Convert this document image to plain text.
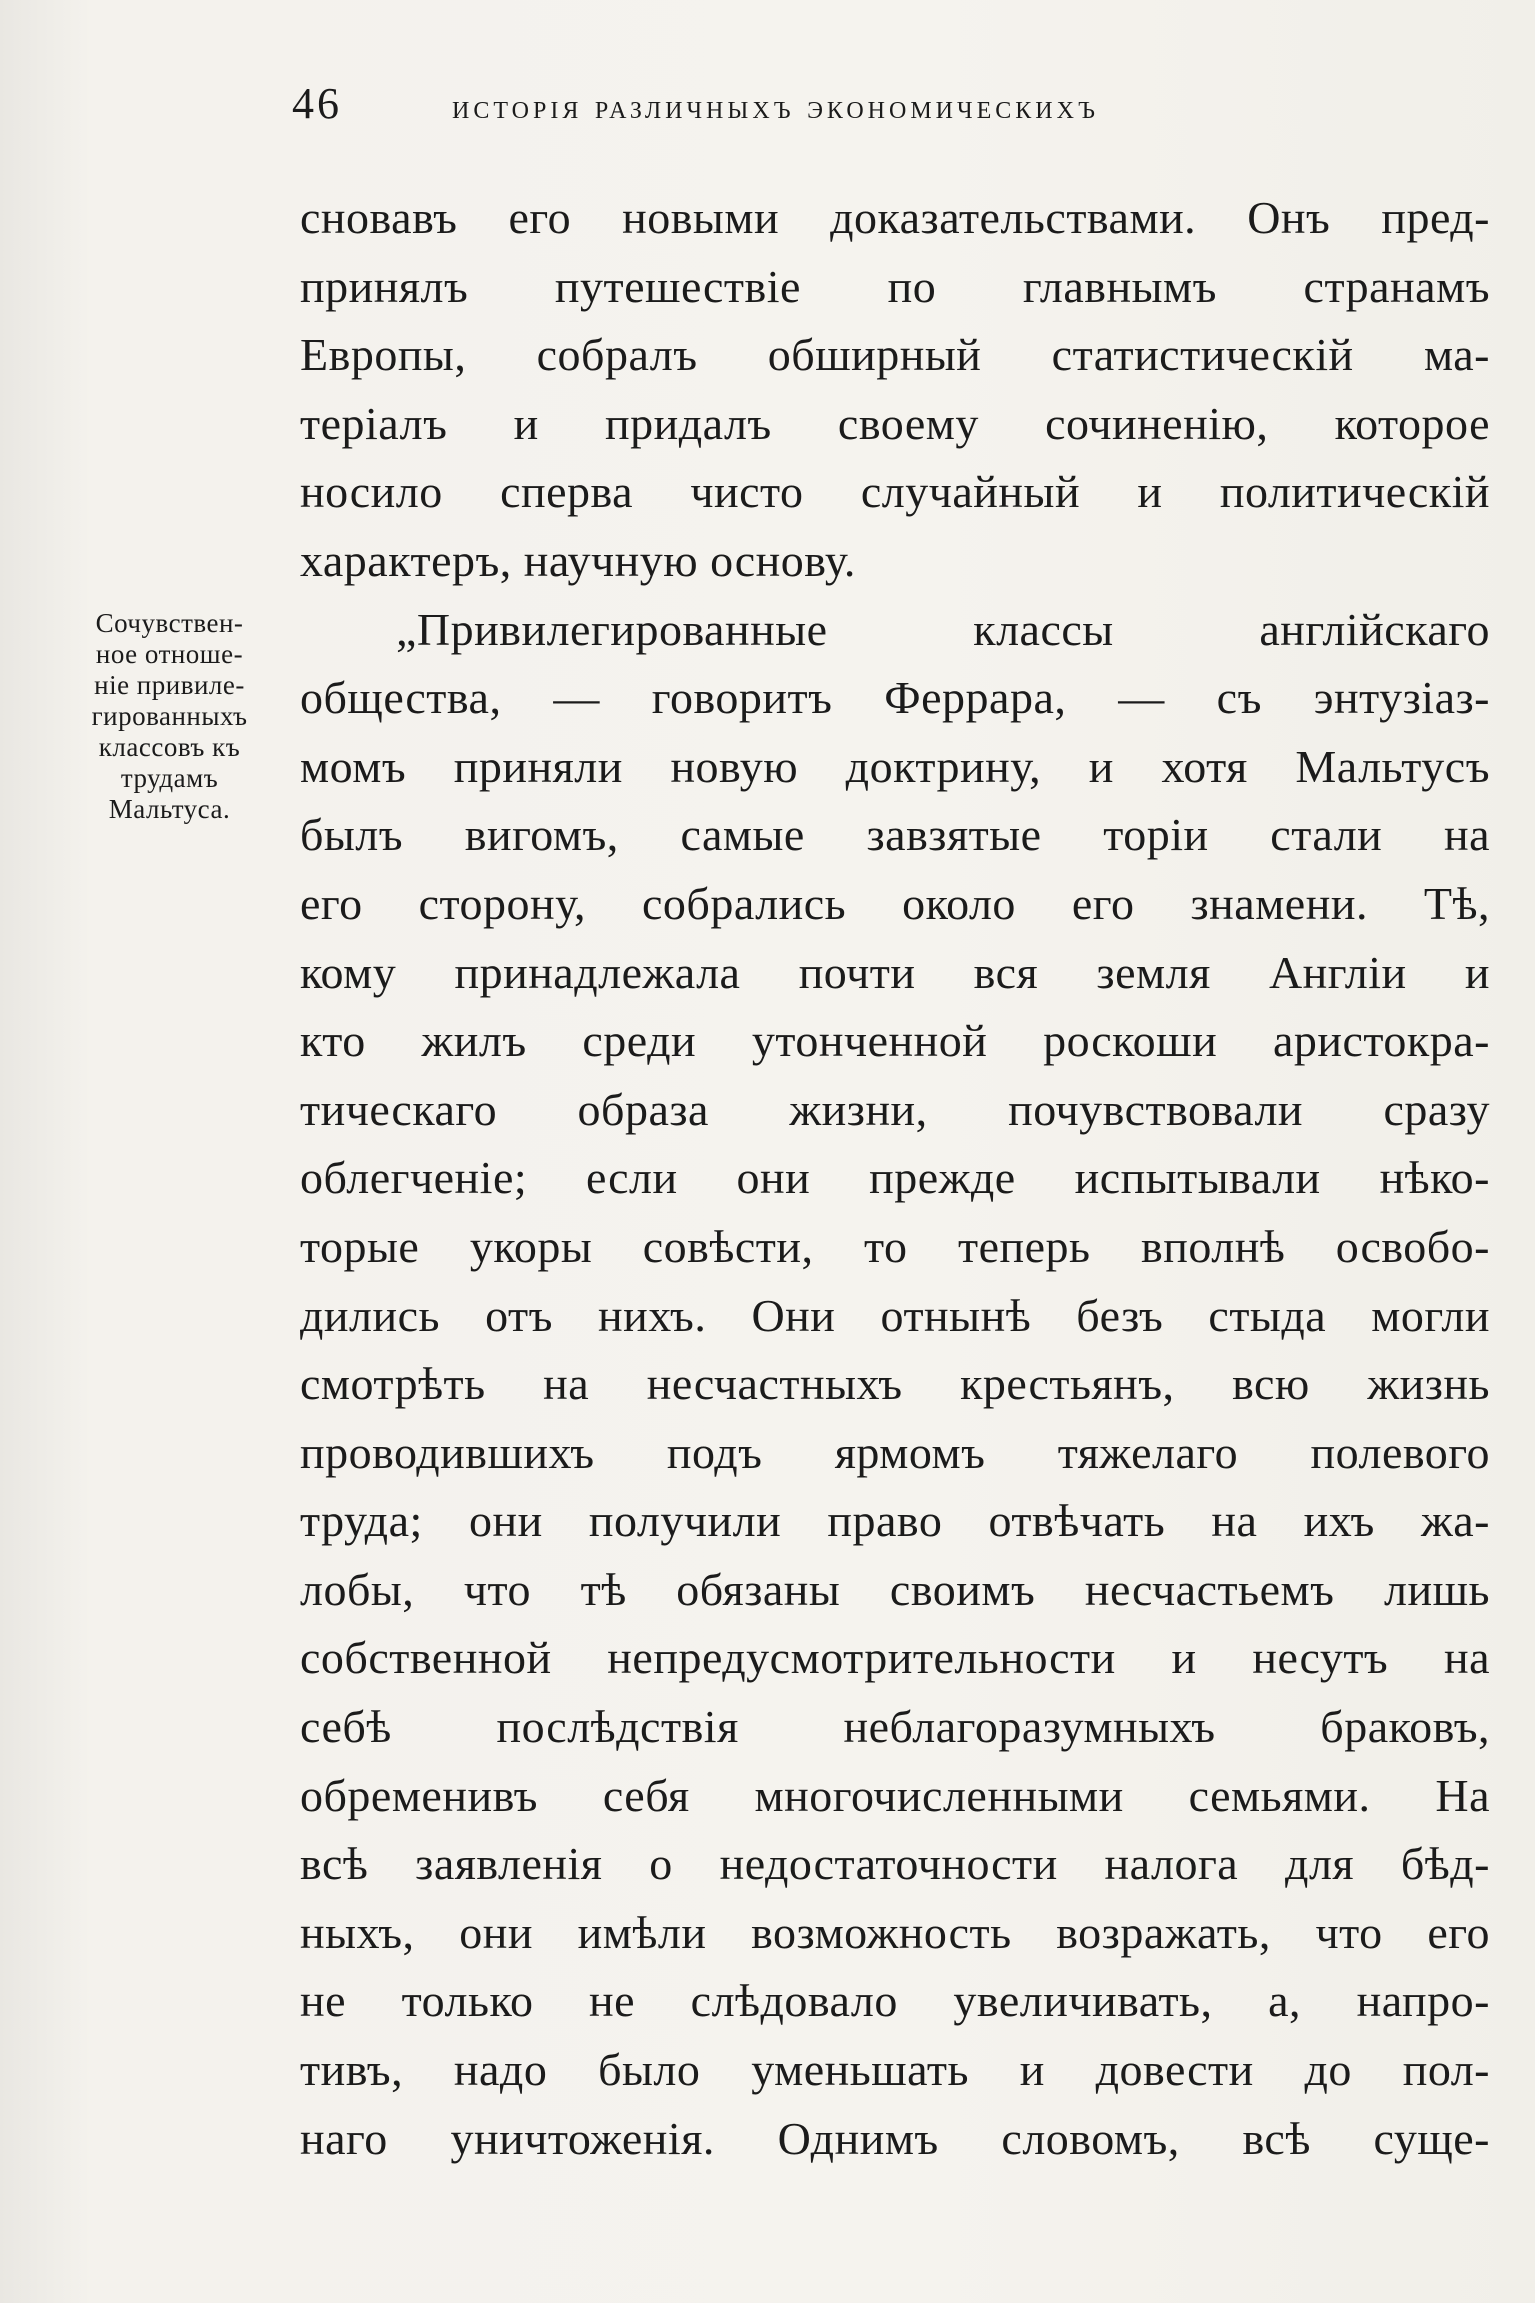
46	исторія различныхъ экономическихъ
Сочувствен-
ное отноше-
ніе привиле-
гированныхъ
классовъ къ
трудамъ
Мальтуса.
сновавъ его новыми доказательствами. Онъ пред-
принялъ путешествіе по главнымъ странамъ
Европы, собралъ обширный статистическій ма-
теріалъ и придалъ своему сочиненію, которое
носило сперва чисто случайный и политическій
характеръ, научную основу.
„Привилегированные классы англійскаго
общества, — говоритъ Феррара, — съ энтузіаз-
момъ приняли новую доктрину, и хотя Мальтусъ
былъ вигомъ, самые завзятые торіи стали на
его сторону, собрались около его знамени. Тѣ,
кому принадлежала почти вся земля Англіи и
кто жилъ среди утонченной роскоши аристокра-
тическаго образа жизни, почувствовали сразу
облегченіе; если они прежде испытывали нѣко-
торые укоры совѣсти, то теперь вполнѣ освобо-
дились отъ нихъ. Они отнынѣ безъ стыда могли
смотрѣть на несчастныхъ крестьянъ, всю жизнь
проводившихъ подъ ярмомъ тяжелаго полевого
труда; они получили право отвѣчать на ихъ жа-
лобы, что тѣ обязаны своимъ несчастьемъ лишь
собственной непредусмотрительности и несутъ на
себѣ послѣдствія неблагоразумныхъ браковъ,
обременивъ себя многочисленными семьями. На
всѣ заявленія о недостаточности налога для бѣд-
ныхъ, они имѣли возможность возражать, что его
не только не слѣдовало увеличивать, а, напро-
тивъ, надо было уменьшать и довести до пол-
наго уничтоженія. Однимъ словомъ, всѣ суще-
